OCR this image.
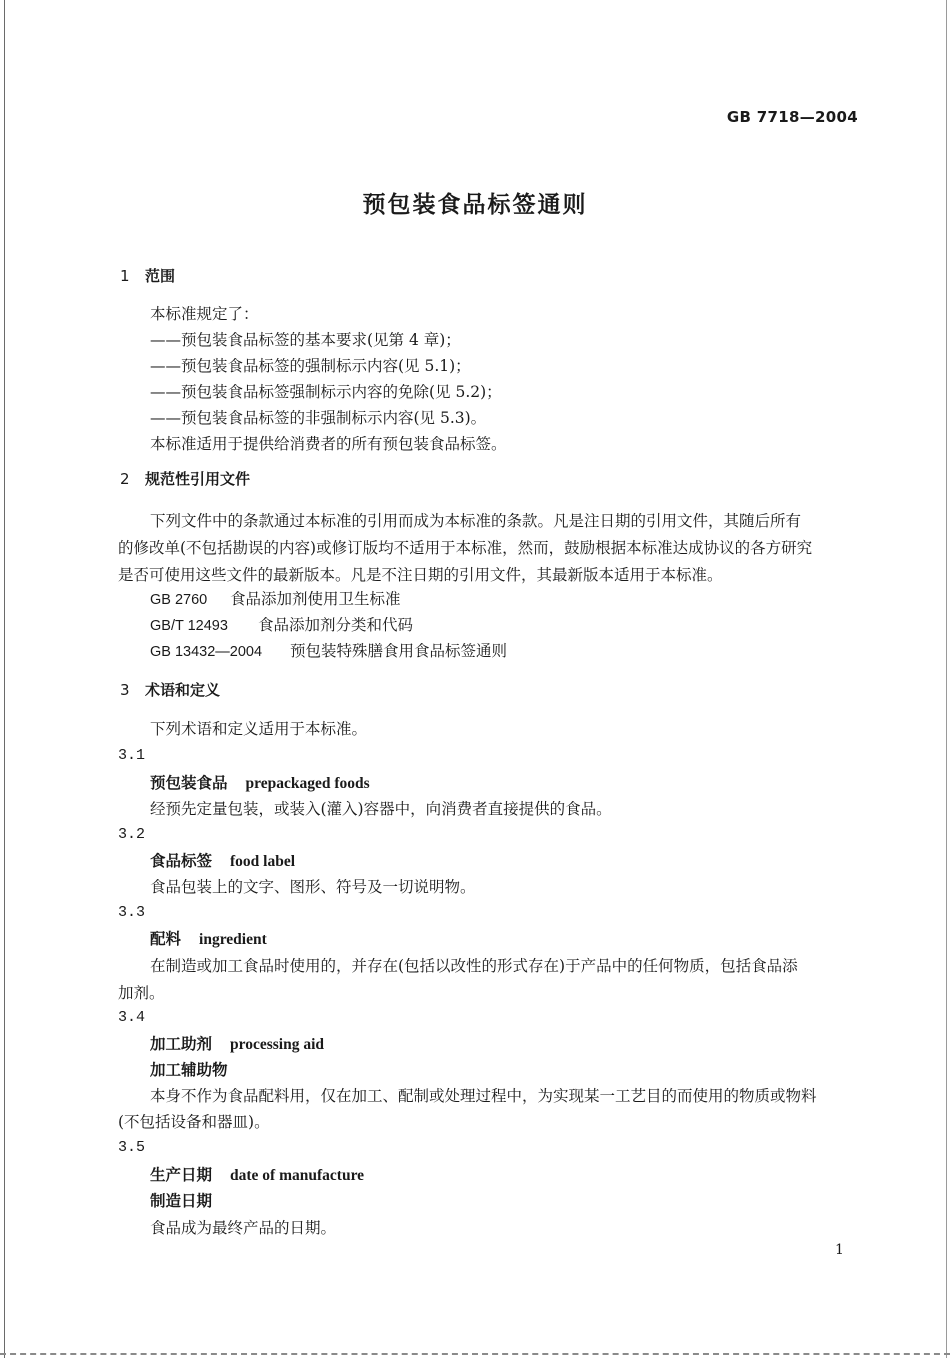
GB 7718—2004
预包装食品标签通则
1 范围
本标准规定了：
——预包装食品标签的基本要求(见第 4 章)；
——预包装食品标签的强制标示内容(见 5.1)；
——预包装食品标签强制标示内容的免除(见 5.2)；
——预包装食品标签的非强制标示内容(见 5.3)。
本标准适用于提供给消费者的所有预包装食品标签。
2 规范性引用文件
下列文件中的条款通过本标准的引用而成为本标准的条款。凡是注日期的引用文件，其随后所有
的修改单(不包括勘误的内容)或修订版均不适用于本标准，然而，鼓励根据本标准达成协议的各方研究
是否可使用这些文件的最新版本。凡是不注日期的引用文件，其最新版本适用于本标准。
GB 2760 食品添加剂使用卫生标准
GB/T 12493 食品添加剂分类和代码
GB 13432—2004 预包装特殊膳食用食品标签通则
3 术语和定义
下列术语和定义适用于本标准。
3.1
预包装食品 prepackaged foods
经预先定量包装，或装入(灌入)容器中，向消费者直接提供的食品。
3.2
食品标签 food label
食品包装上的文字、图形、符号及一切说明物。
3.3
配料 ingredient
在制造或加工食品时使用的，并存在(包括以改性的形式存在)于产品中的任何物质，包括食品添
加剂。
3.4
加工助剂 processing aid
加工辅助物
本身不作为食品配料用，仅在加工、配制或处理过程中，为实现某一工艺目的而使用的物质或物料
(不包括设备和器皿)。
3.5
生产日期 date of manufacture
制造日期
食品成为最终产品的日期。
1
